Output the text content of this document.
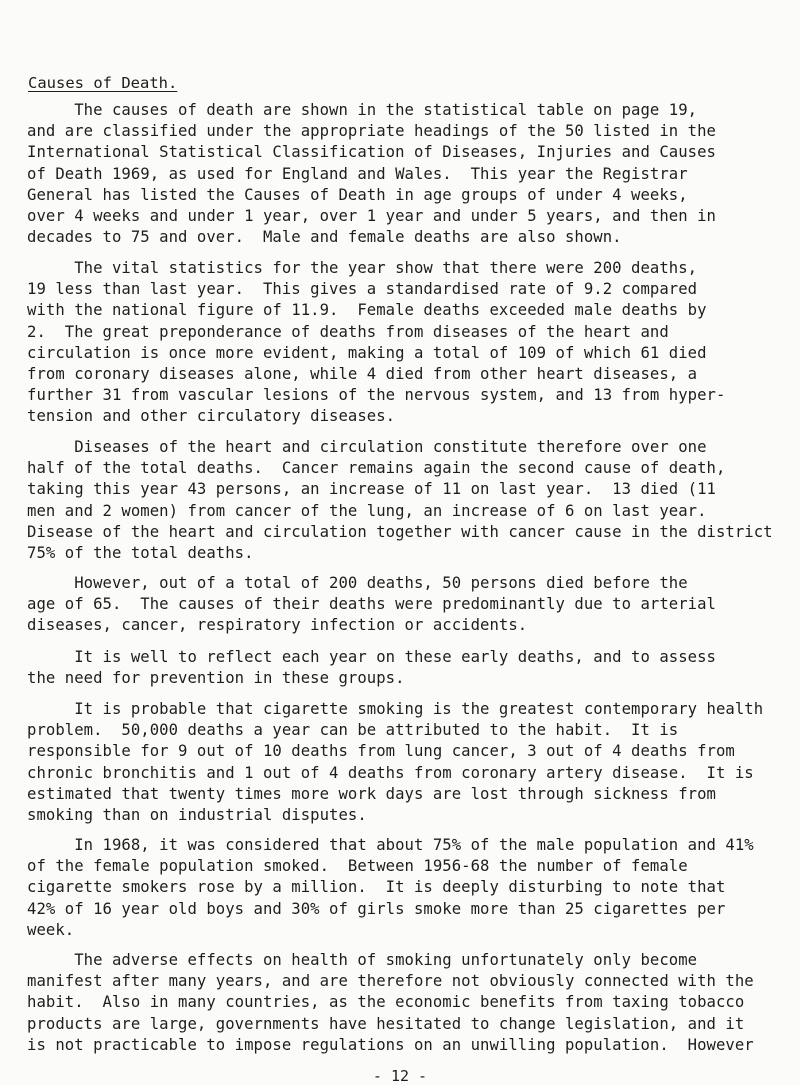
Causes of Death.
The causes of death are shown in the statistical table on page 19,
and are classified under the appropriate headings of the 50 listed in the
International Statistical Classification of Diseases, Injuries and Causes
of Death 1969, as used for England and Wales.  This year the Registrar
General has listed the Causes of Death in age groups of under 4 weeks,
over 4 weeks and under 1 year, over 1 year and under 5 years, and then in
decades to 75 and over.  Male and female deaths are also shown.
The vital statistics for the year show that there were 200 deaths,
19 less than last year.  This gives a standardised rate of 9.2 compared
with the national figure of 11.9.  Female deaths exceeded male deaths by
2.  The great preponderance of deaths from diseases of the heart and
circulation is once more evident, making a total of 109 of which 61 died
from coronary diseases alone, while 4 died from other heart diseases, a
further 31 from vascular lesions of the nervous system, and 13 from hyper-
tension and other circulatory diseases.
Diseases of the heart and circulation constitute therefore over one
half of the total deaths.  Cancer remains again the second cause of death,
taking this year 43 persons, an increase of 11 on last year.  13 died (11
men and 2 women) from cancer of the lung, an increase of 6 on last year.
Disease of the heart and circulation together with cancer cause in the district
75% of the total deaths.
However, out of a total of 200 deaths, 50 persons died before the
age of 65.  The causes of their deaths were predominantly due to arterial
diseases, cancer, respiratory infection or accidents.
It is well to reflect each year on these early deaths, and to assess
the need for prevention in these groups.
It is probable that cigarette smoking is the greatest contemporary health
problem.  50,000 deaths a year can be attributed to the habit.  It is
responsible for 9 out of 10 deaths from lung cancer, 3 out of 4 deaths from
chronic bronchitis and 1 out of 4 deaths from coronary artery disease.  It is
estimated that twenty times more work days are lost through sickness from
smoking than on industrial disputes.
In 1968, it was considered that about 75% of the male population and 41%
of the female population smoked.  Between 1956-68 the number of female
cigarette smokers rose by a million.  It is deeply disturbing to note that
42% of 16 year old boys and 30% of girls smoke more than 25 cigarettes per
week.
The adverse effects on health of smoking unfortunately only become
manifest after many years, and are therefore not obviously connected with the
habit.  Also in many countries, as the economic benefits from taxing tobacco
products are large, governments have hesitated to change legislation, and it
is not practicable to impose regulations on an unwilling population.  However
- 12 -
